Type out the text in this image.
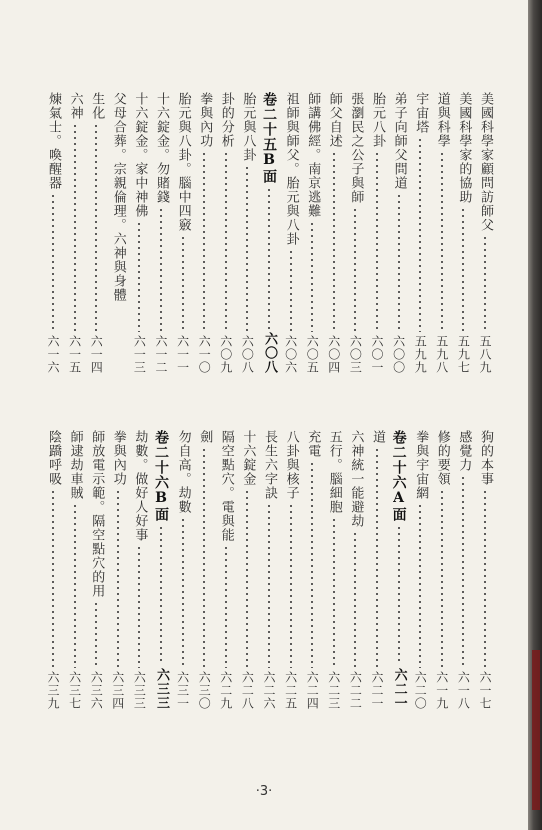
美國科學家顧問訪師父
五八九
美國科學家的協助
五九七
道與科學
五九八
宇宙塔
五九九
弟子向師父問道
六〇〇
胎元八卦
六〇一
張瀏民之公子與師
六〇三
師父自述
六〇四
師講佛經。南京逃難
六〇五
祖師與師父。胎元與八卦
六〇六
卷二十五B面
六〇八
胎元與八卦
六〇八
卦的分析
六〇九
拳與內功
六一〇
胎元與八卦。腦中四竅
六一一
十六錠金。勿賭錢
六一二
十六錠金。家中神佛
六一三
父母合葬。宗親倫理。六神與身體
生化
六一四
六神
六一五
煉氣士。喚醒器
六一六
狗的本事
六一七
感覺力
六一八
修的要領
六一九
拳與宇宙網
六二〇
卷二十六A面
六二一
道
六二一
六神統一能避劫
六二二
五行。腦細胞
六二三
充電
六二四
八卦與核子
六二五
長生六字訣
六二六
十六錠金
六二八
隔空點穴。電與能
六二九
劍
六三〇
勿自高。劫數
六三一
卷二十六B面
六三三
劫數。做好人好事
六三三
拳與內功
六三四
師放電示範。隔空點穴的用
六三六
師逮劫車賊
六三七
陰蹻呼吸
六三九
·3·
